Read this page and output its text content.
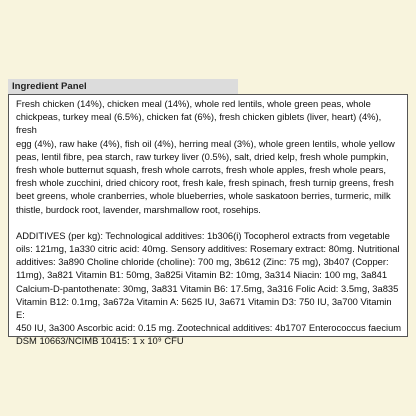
Ingredient Panel

Fresh chicken (14%), chicken meal (14%), whole red lentils, whole green peas, whole
chickpeas, turkey meal (6.5%), chicken fat (6%), fresh chicken giblets (liver, heart) (4%), fresh
egg (4%), raw hake (4%), fish oil (4%), herring meal (3%), whole green lentils, whole yellow
peas, lentil fibre, pea starch, raw turkey liver (0.5%), salt, dried kelp, fresh whole pumpkin,
fresh whole butternut squash, fresh whole carrots, fresh whole apples, fresh whole pears,
fresh whole zucchini, dried chicory root, fresh kale, fresh spinach, fresh turnip greens, fresh
beet greens, whole cranberries, whole blueberries, whole saskatoon berries, turmeric, milk
thistle, burdock root, lavender, marshmallow root, rosehips.

ADDITIVES (per kg): Technological additives: 1b306(i) Tocopherol extracts from vegetable
oils: 121mg, 1a330 citric acid: 40mg. Sensory additives: Rosemary extract: 80mg. Nutritional
additives: 3a890 Choline chloride (choline): 700 mg, 3b612 (Zinc: 75 mg), 3b407 (Copper:
11mg), 3a821 Vitamin B1: 50mg, 3a825i Vitamin B2: 10mg, 3a314 Niacin: 100 mg, 3a841
Calcium-D-pantothenate: 30mg, 3a831 Vitamin B6: 17.5mg, 3a316 Folic Acid: 3.5mg, 3a835
Vitamin B12: 0.1mg, 3a672a Vitamin A: 5625 IU, 3a671 Vitamin D3: 750 IU, 3a700 Vitamin E:
450 IU, 3a300 Ascorbic acid: 0.15 mg. Zootechnical additives: 4b1707 Enterococcus faecium
DSM 10663/NCIMB 10415: 1 x 10⁹ CFU
